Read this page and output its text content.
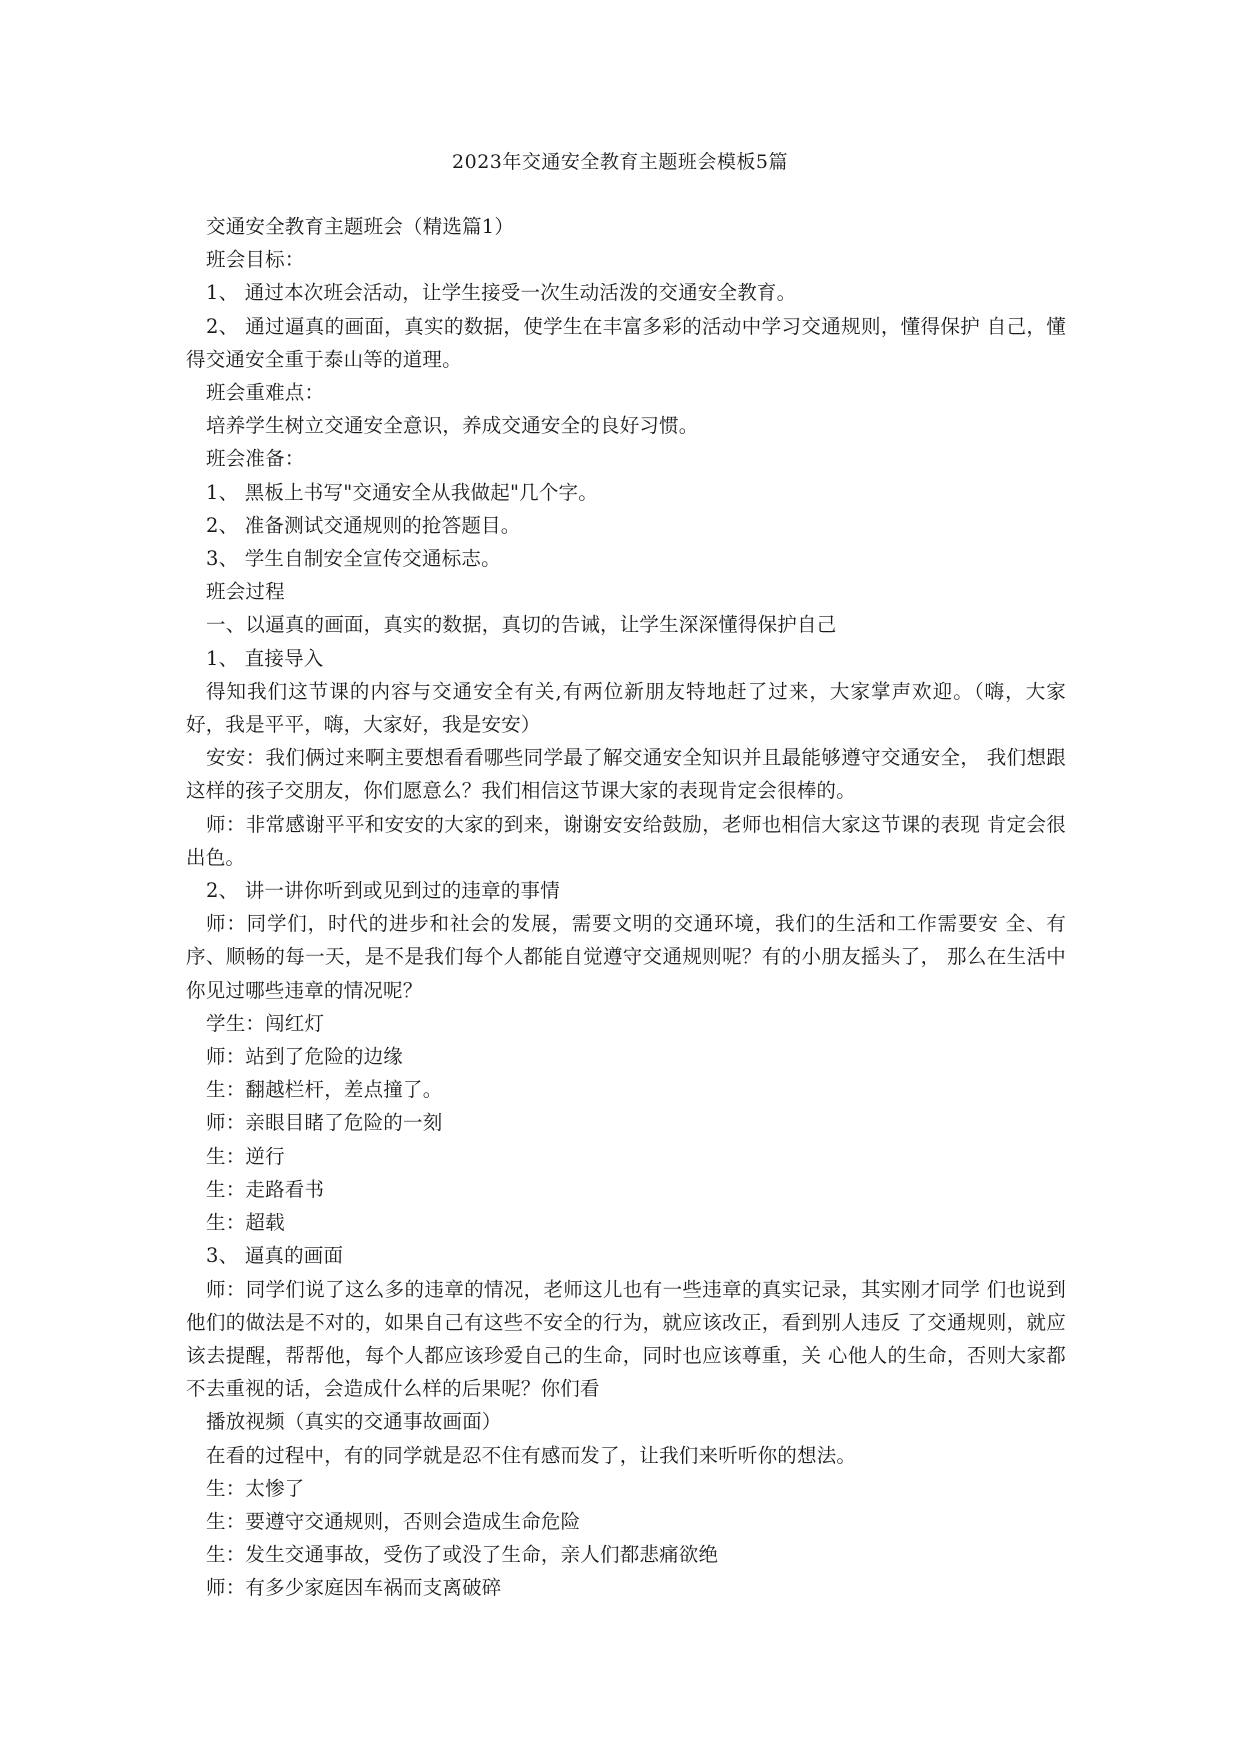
2023年交通安全教育主题班会模板5篇

交通安全教育主题班会（精选篇1）

班会目标：

1、 通过本次班会活动，让学生接受一次生动活泼的交通安全教育。

2、 通过逼真的画面，真实的数据，使学生在丰富多彩的活动中学习交通规则，懂得保护 自己，懂得交通安全重于泰山等的道理。

班会重难点：

培养学生树立交通安全意识，养成交通安全的良好习惯。

班会准备：

1、 黑板上书写"交通安全从我做起"几个字。

2、 准备测试交通规则的抢答题目。

3、 学生自制安全宣传交通标志。

班会过程

一、以逼真的画面，真实的数据，真切的告诫，让学生深深懂得保护自己

1、 直接导入

得知我们这节课的内容与交通安全有关,有两位新朋友特地赶了过来，大家掌声欢迎。（嗨，大家好，我是平平，嗨，大家好，我是安安）

安安：我们俩过来啊主要想看看哪些同学最了解交通安全知识并且最能够遵守交通安全， 我们想跟这样的孩子交朋友，你们愿意么？我们相信这节课大家的表现肯定会很棒的。

师：非常感谢平平和安安的大家的到来，谢谢安安给鼓励，老师也相信大家这节课的表现 肯定会很出色。

2、 讲一讲你听到或见到过的违章的事情

师：同学们，时代的进步和社会的发展，需要文明的交通环境，我们的生活和工作需要安 全、有序、顺畅的每一天，是不是我们每个人都能自觉遵守交通规则呢？有的小朋友摇头了， 那么在生活中你见过哪些违章的情况呢？

学生：闯红灯

师：站到了危险的边缘

生：翻越栏杆，差点撞了。

师：亲眼目睹了危险的一刻

生：逆行

生：走路看书

生：超载

3、 逼真的画面

师：同学们说了这么多的违章的情况，老师这儿也有一些违章的真实记录，其实刚才同学 们也说到他们的做法是不对的，如果自己有这些不安全的行为，就应该改正，看到别人违反 了交通规则，就应该去提醒，帮帮他，每个人都应该珍爱自己的生命，同时也应该尊重，关 心他人的生命，否则大家都不去重视的话，会造成什么样的后果呢？你们看

播放视频（真实的交通事故画面）

在看的过程中，有的同学就是忍不住有感而发了，让我们来听听你的想法。

生：太惨了

生：要遵守交通规则，否则会造成生命危险

生：发生交通事故，受伤了或没了生命，亲人们都悲痛欲绝

师：有多少家庭因车祸而支离破碎
